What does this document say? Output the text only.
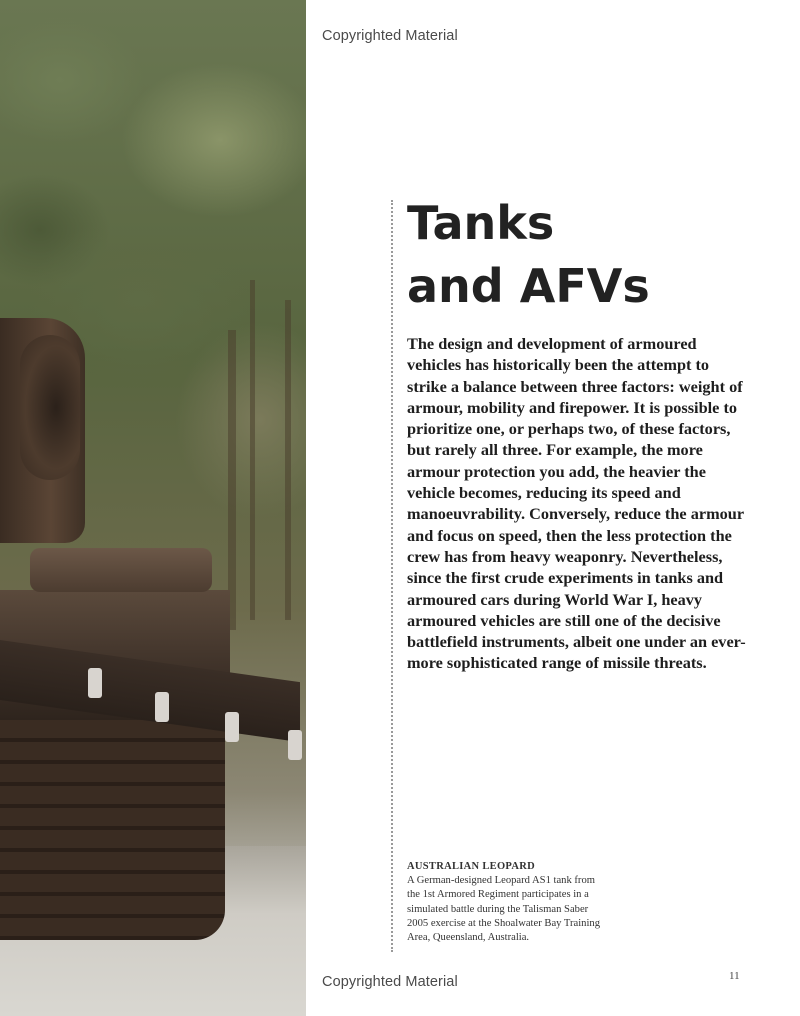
Copyrighted Material
Tanks
and AFVs

The design and development of armoured vehicles has historically been the attempt to strike a balance between three factors: weight of armour, mobility and firepower. It is possible to prioritize one, or perhaps two, of these factors, but rarely all three. For example, the more armour protection you add, the heavier the vehicle becomes, reducing its speed and manoeuvrability. Conversely, reduce the armour and focus on speed, then the less protection the crew has from heavy weaponry. Nevertheless, since the first crude experiments in tanks and armoured cars during World War I, heavy armoured vehicles are still one of the decisive battlefield instruments, albeit one under an ever-more sophisticated range of missile threats.

AUSTRALIAN LEOPARD

A German-designed Leopard AS1 tank from the 1st Armored Regiment participates in a simulated battle during the Talisman Saber 2005 exercise at the Shoalwater Bay Training Area, Queensland, Australia.

Copyrighted Material	11
